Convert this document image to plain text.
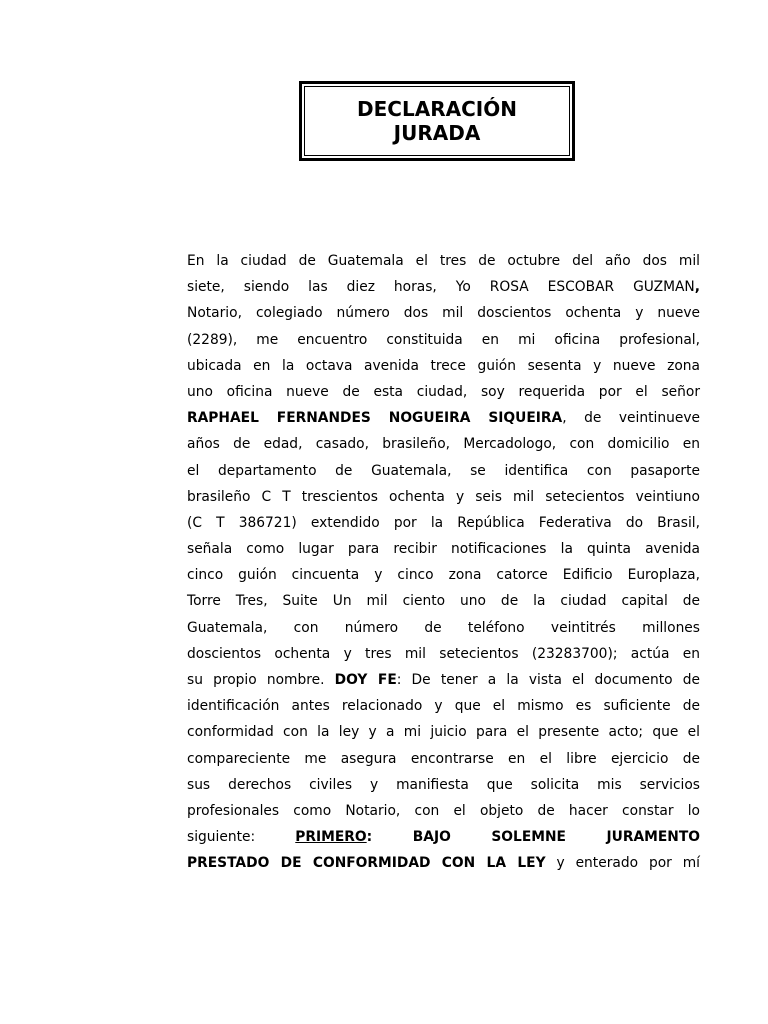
DECLARACIÓN
JURADA
En la ciudad de Guatemala el tres de octubre del año dos mil
siete, siendo las diez horas, Yo ROSA ESCOBAR GUZMAN,
Notario, colegiado número dos mil doscientos ochenta y nueve
(2289), me encuentro constituida en mi oficina profesional,
ubicada en la octava avenida trece guión sesenta y nueve zona
uno oficina nueve de esta ciudad, soy requerida por el señor
RAPHAEL FERNANDES NOGUEIRA SIQUEIRA, de veintinueve
años de edad, casado, brasileño, Mercadologo, con domicilio en
el departamento de Guatemala, se identifica con pasaporte
brasileño C T trescientos ochenta y seis mil setecientos veintiuno
(C T 386721) extendido por la República Federativa do Brasil,
señala como lugar para recibir notificaciones la quinta avenida
cinco guión cincuenta y cinco zona catorce Edificio Europlaza,
Torre Tres, Suite Un mil ciento uno de la ciudad capital de
Guatemala, con número de teléfono veintitrés millones
doscientos ochenta y tres mil setecientos (23283700); actúa en
su propio nombre. DOY FE: De tener a la vista el documento de
identificación antes relacionado y que el mismo es suficiente de
conformidad con la ley y a mi juicio para el presente acto; que el
compareciente me asegura encontrarse en el libre ejercicio de
sus derechos civiles y manifiesta que solicita mis servicios
profesionales como Notario, con el objeto de hacer constar lo
siguiente: PRIMERO: BAJO SOLEMNE JURAMENTO
PRESTADO DE CONFORMIDAD CON LA LEY y enterado por mí
